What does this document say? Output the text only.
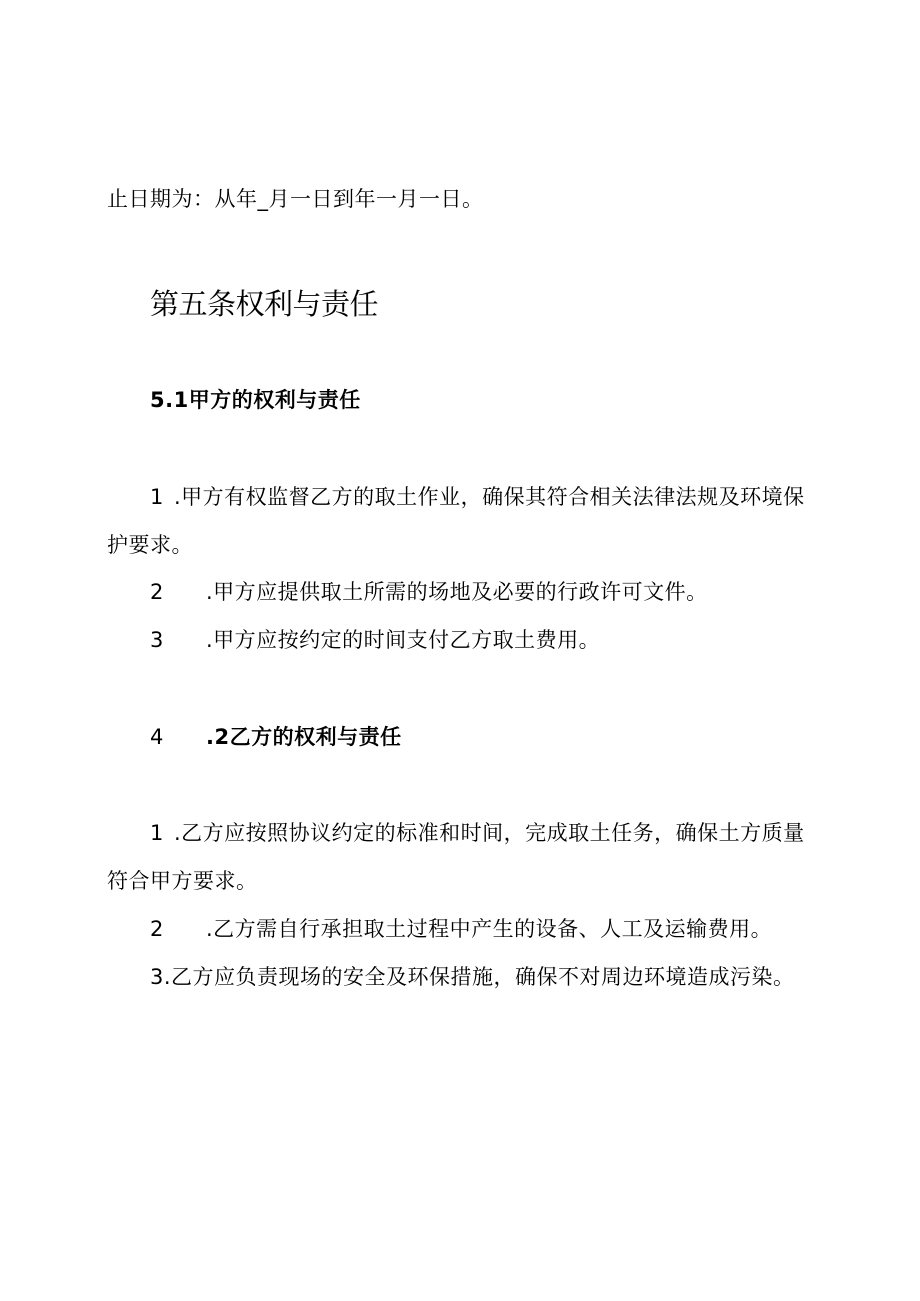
止日期为：从年_月一日到年一月一日。
第五条权利与责任
5.1甲方的权利与责任
1 .甲方有权监督乙方的取土作业，确保其符合相关法律法规及环境保
护要求。
2 .甲方应提供取土所需的场地及必要的行政许可文件。
3 .甲方应按约定的时间支付乙方取土费用。
4 .2乙方的权利与责任
1 .乙方应按照协议约定的标准和时间，完成取土任务，确保土方质量
符合甲方要求。
2 .乙方需自行承担取土过程中产生的设备、人工及运输费用。
3.乙方应负责现场的安全及环保措施，确保不对周边环境造成污染。
